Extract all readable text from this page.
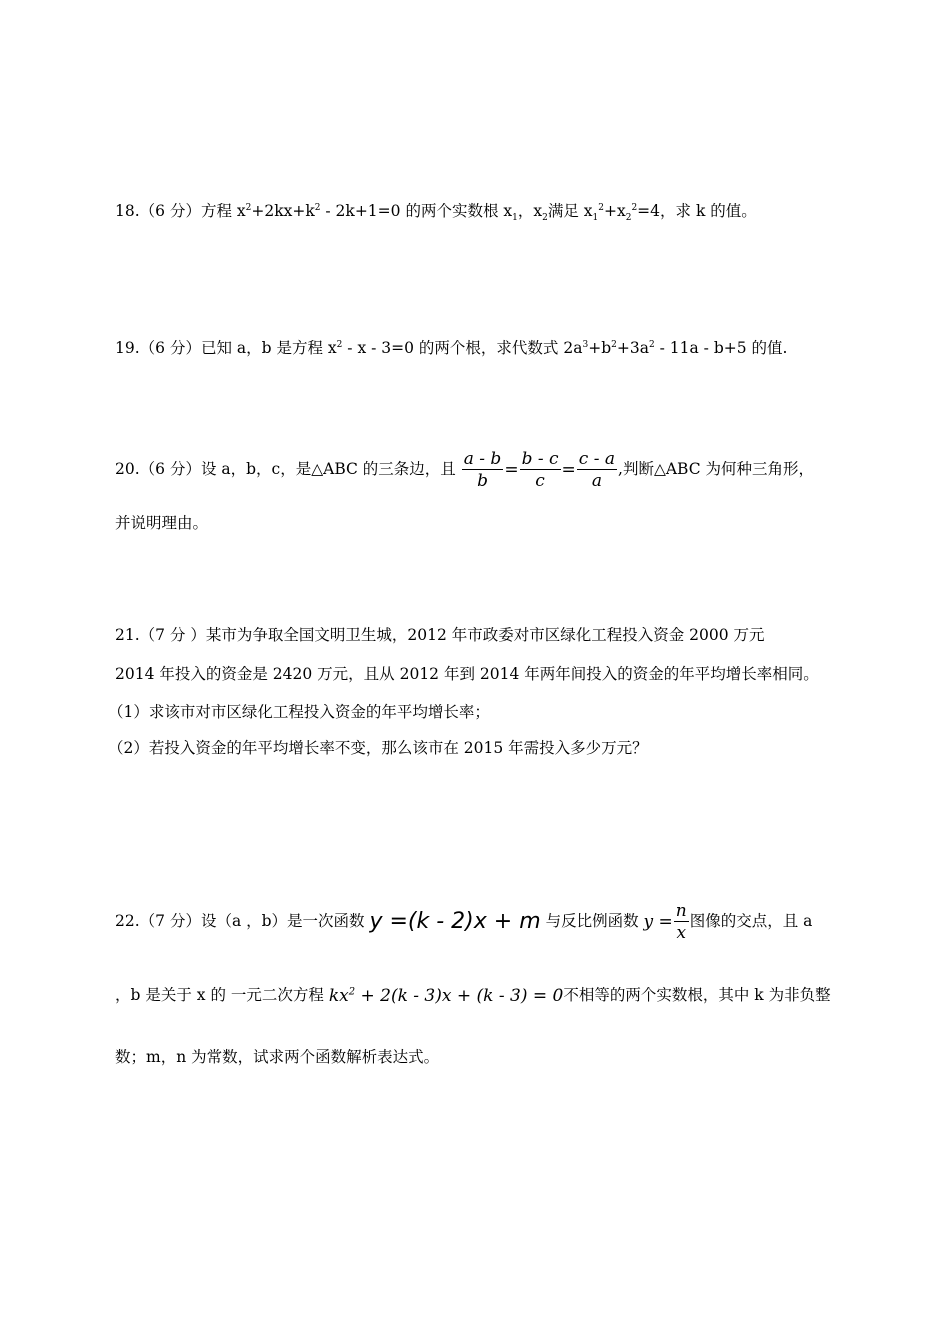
18.（6 分）方程 $x^2+2kx+k^2 - 2k+1=0$ 的两个实数根 $x_1$，$x_2$满足 $x_1^2+x_2^2=4$，求 k 的值。
19.（6 分）已知 a，b 是方程 $x^2 - x - 3=0$ 的两个根，求代数式 $2a^3+b^2+3a^2 - 11a - b+5$ 的值.
20.（6 分）设 a，b，c，是△ABC 的三条边，且 $\frac{a - b}{b} = \frac{b - c}{c} = \frac{c - a}{a}$ ,判断△ABC 为何种三角形，
并说明理由。
21.（7 分 ）某市为争取全国文明卫生城，2012 年市政委对市区绿化工程投入资金 2000 万元
2014 年投入的资金是 2420 万元，且从 2012 年到 2014 年两年间投入的资金的年平均增长率相同。
（1）求该市对市区绿化工程投入资金的年平均增长率；
（2）若投入资金的年平均增长率不变，那么该市在 2015 年需投入多少万元？
22.（7 分）设（a ，b）是一次函数 y =(k - 2)x + m 与反比例函数 $y = \frac{n}{x}$ 图像的交点，且 a
，b 是关于 x 的 一元二次方程 $kx^2 + 2(k - 3)x + (k - 3) = 0$不相等的两个实数根，其中 k 为非负整
数；m，n 为常数，试求两个函数解析表达式。
